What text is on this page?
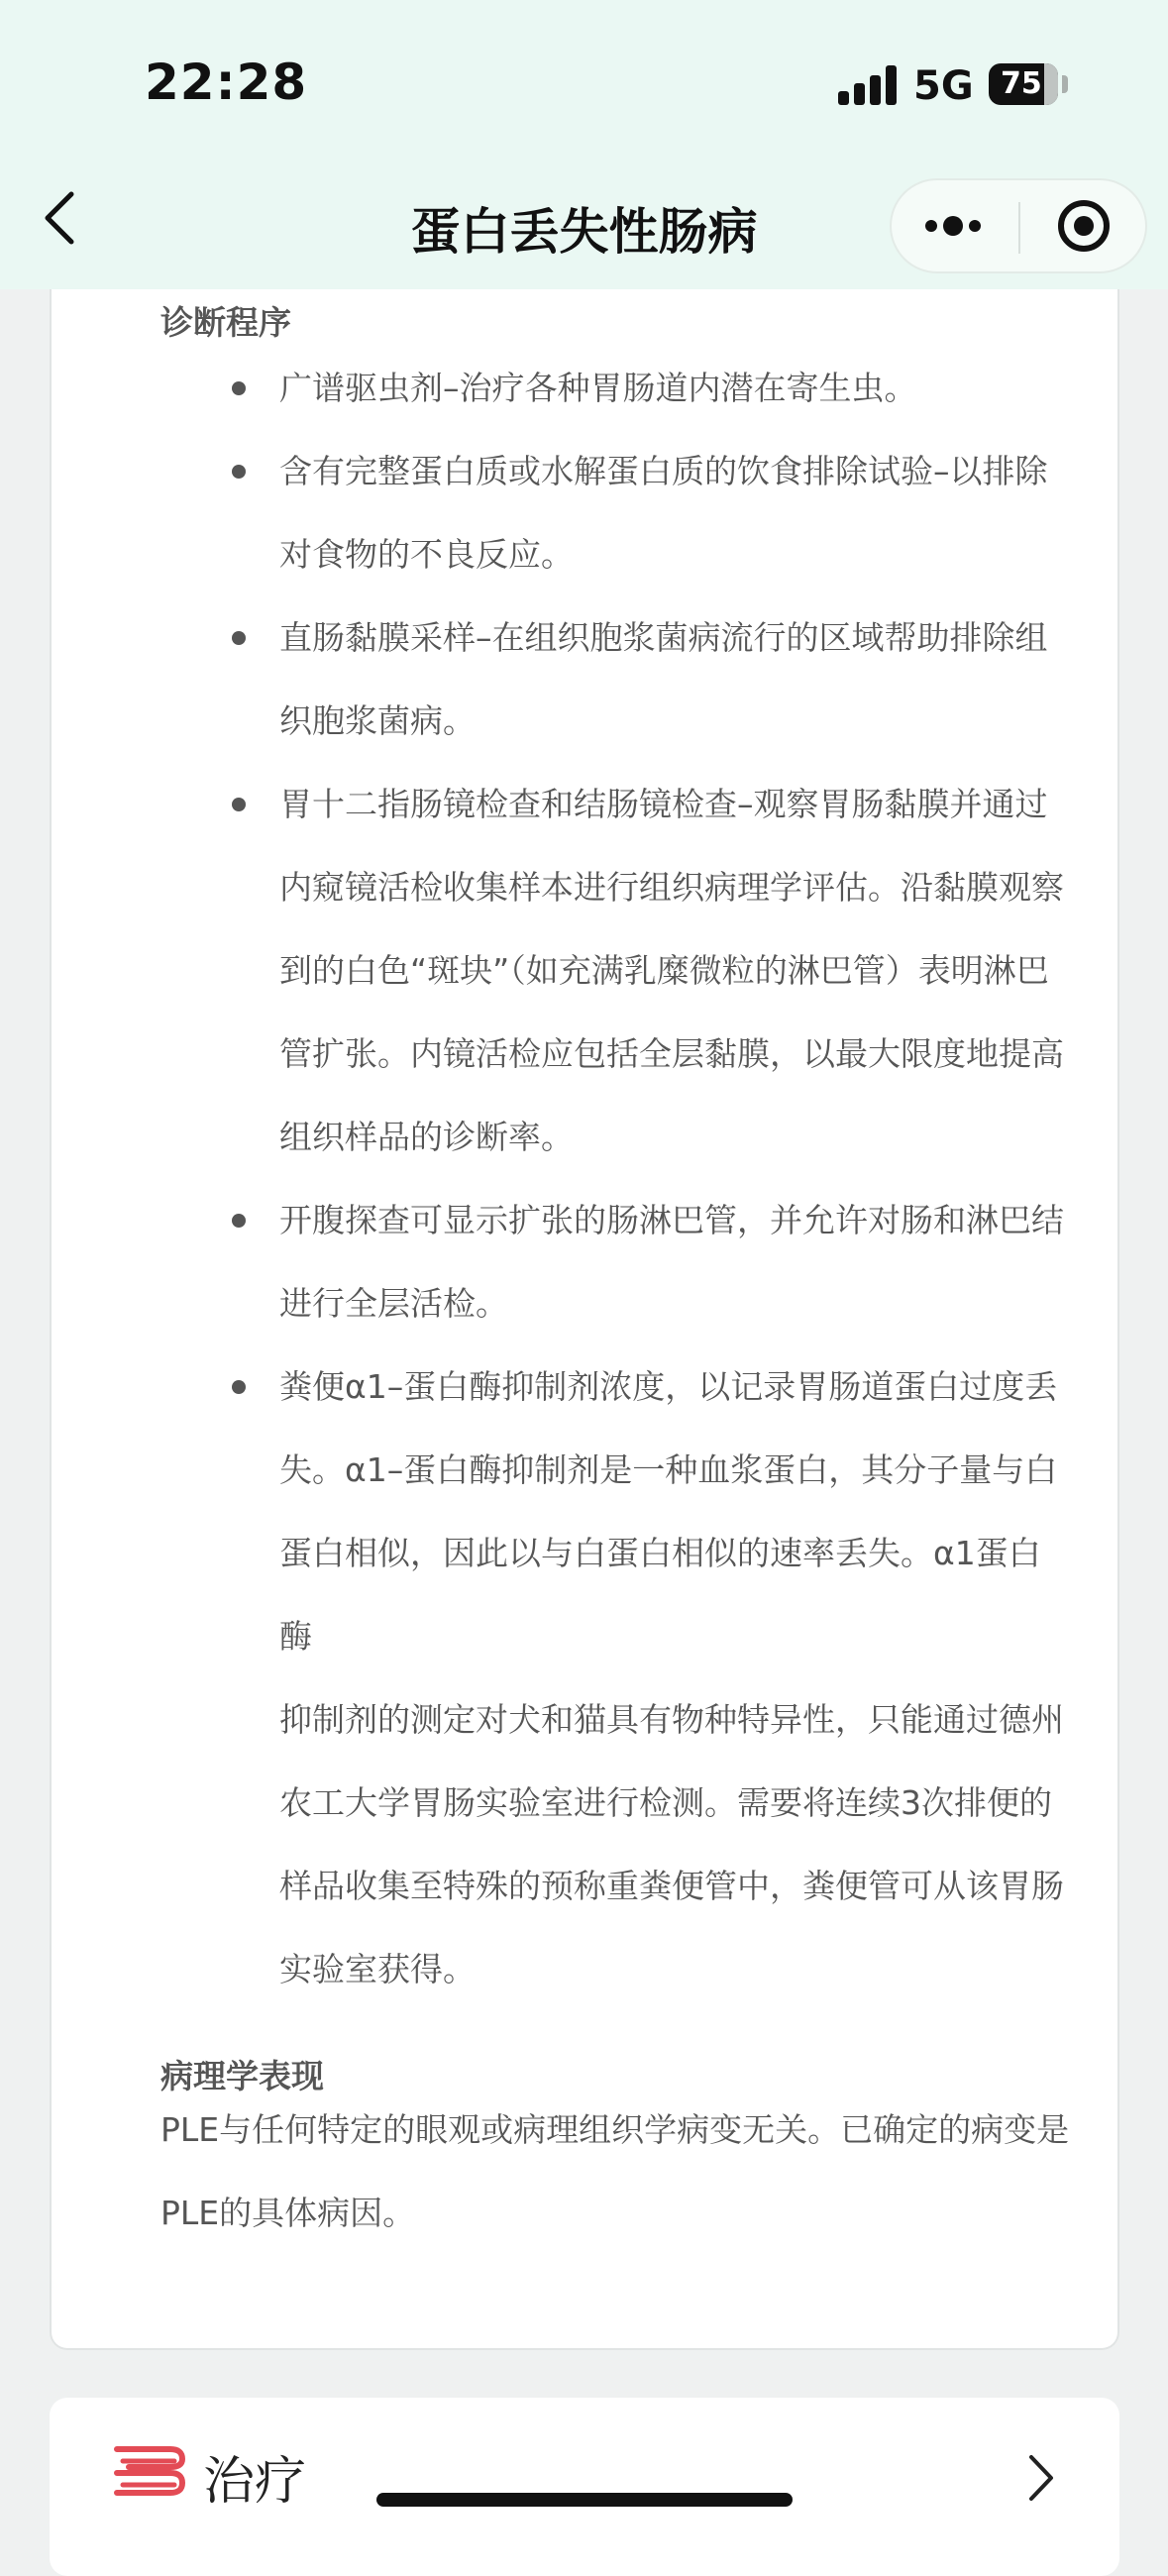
22:28	5G 75
蛋白丢失性肠病
诊断程序
广谱驱虫剂–治疗各种胃肠道内潜在寄生虫。
含有完整蛋白质或水解蛋白质的饮食排除试验–以排除
对食物的不良反应。
直肠黏膜采样–在组织胞浆菌病流行的区域帮助排除组
织胞浆菌病。
胃十二指肠镜检查和结肠镜检查–观察胃肠黏膜并通过
内窥镜活检收集样本进行组织病理学评估。沿黏膜观察
到的白色“斑块”（如充满乳糜微粒的淋巴管）表明淋巴
管扩张。内镜活检应包括全层黏膜，以最大限度地提高
组织样品的诊断率。
开腹探查可显示扩张的肠淋巴管，并允许对肠和淋巴结
进行全层活检。
粪便α1–蛋白酶抑制剂浓度，以记录胃肠道蛋白过度丢
失。α1–蛋白酶抑制剂是一种血浆蛋白，其分子量与白
蛋白相似，因此以与白蛋白相似的速率丢失。α1蛋白酶
抑制剂的测定对犬和猫具有物种特异性，只能通过德州
农工大学胃肠实验室进行检测。需要将连续3次排便的
样品收集至特殊的预称重粪便管中，粪便管可从该胃肠
实验室获得。
病理学表现
PLE与任何特定的眼观或病理组织学病变无关。已确定的病变是
PLE的具体病因。
治疗
